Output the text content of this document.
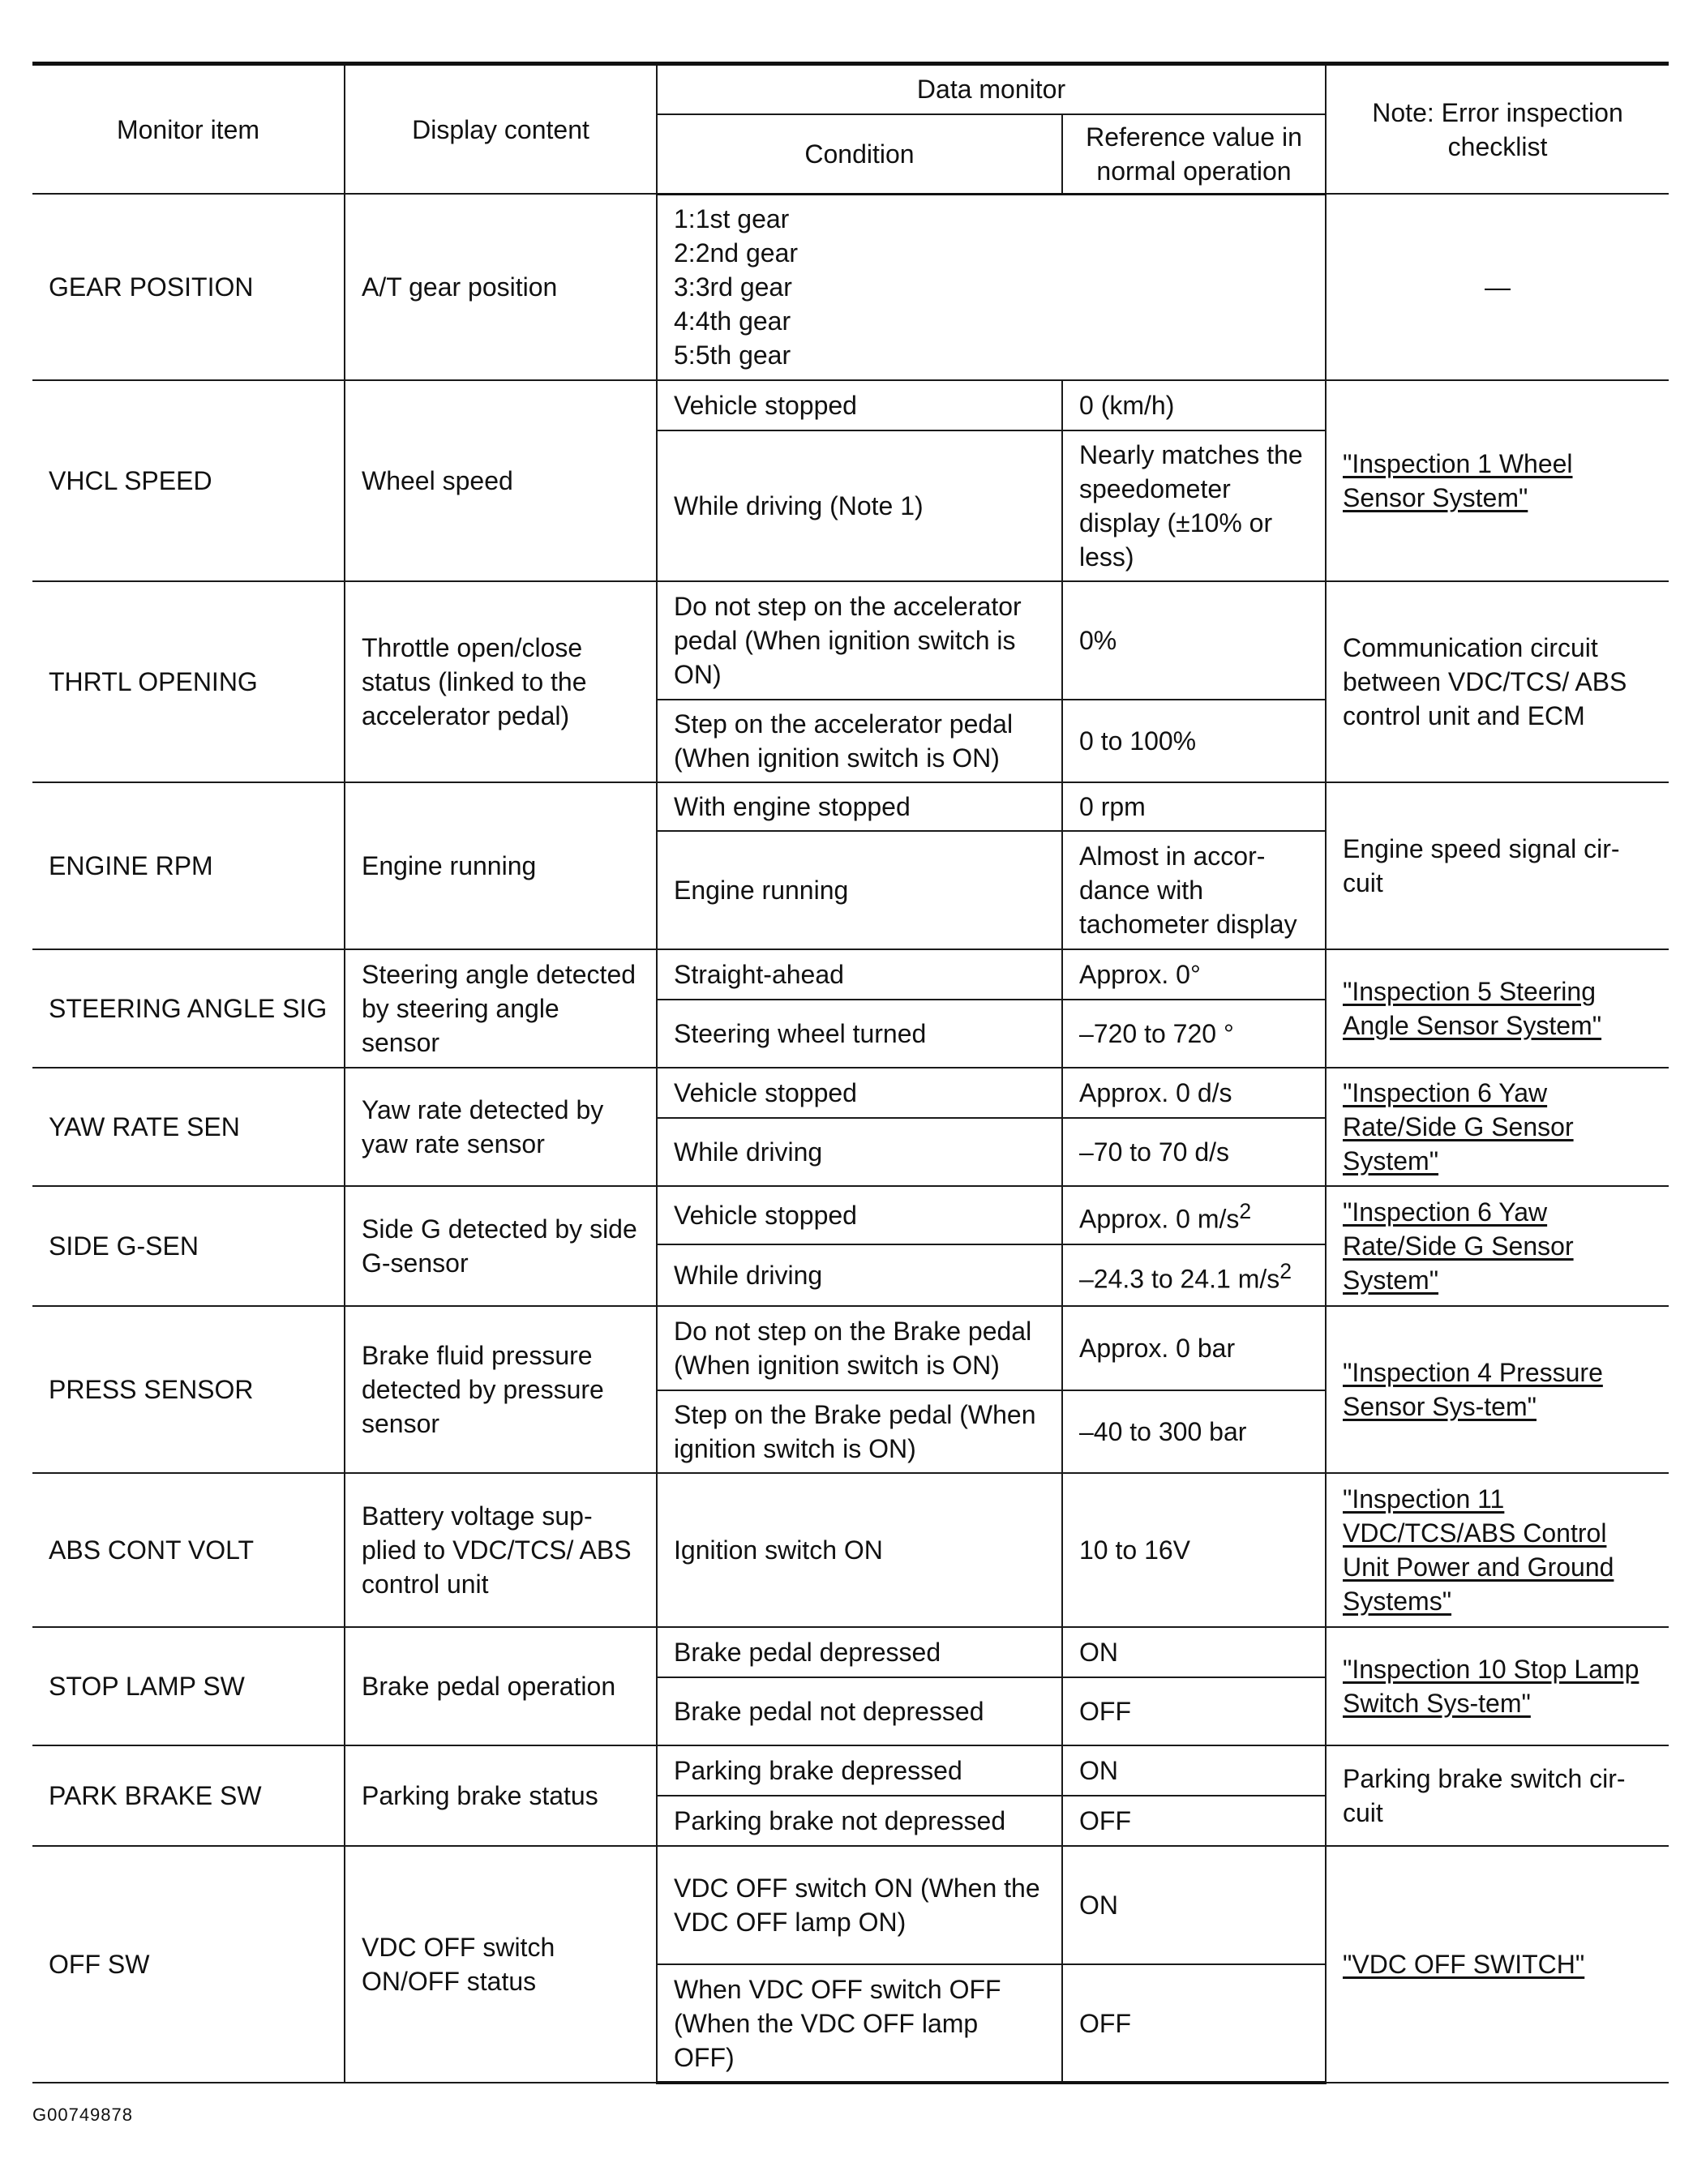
Monitor item	Display content	Data monitor		Note: Error inspection checklist
		Condition	Reference value in normal operation	
GEAR POSITION	A/T gear position	1:1st gear
2:2nd gear
3:3rd gear
4:4th gear
5:5th gear		—
VHCL SPEED	Wheel speed	Vehicle stopped	0 (km/h)	"Inspection 1 Wheel Sensor System"
		While driving (Note 1)	Nearly matches the speedometer display (±10% or less)	
THRTL OPENING	Throttle open/close status (linked to the accelerator pedal)	Do not step on the accelerator pedal (When ignition switch is ON)	0%	Communication circuit between VDC/TCS/ ABS control unit and ECM
		Step on the accelerator pedal (When ignition switch is ON)	0 to 100%	
ENGINE RPM	Engine running	With engine stopped	0 rpm	Engine speed signal cir-cuit
		Engine running	Almost in accor-dance with tachometer display	
STEERING ANGLE SIG	Steering angle detected by steering angle sensor	Straight-ahead	Approx. 0°	"Inspection 5 Steering Angle Sensor System"
		Steering wheel turned	–720 to 720 °	
YAW RATE SEN	Yaw rate detected by yaw rate sensor	Vehicle stopped	Approx. 0 d/s	"Inspection 6 Yaw Rate/Side G Sensor System"
		While driving	–70 to 70 d/s	
SIDE G-SEN	Side G detected by side G-sensor	Vehicle stopped	Approx. 0 $m/s^2$	"Inspection 6 Yaw Rate/Side G Sensor System"
		While driving	–24.3 to 24.1 $m/s^2$
PRESS SENSOR	Brake fluid pressure detected by pressure sensor	Do not step on the Brake pedal (When ignition switch is ON)	Approx. 0 bar	"Inspection 4 Pressure Sensor Sys-tem"
		Step on the Brake pedal (When ignition switch is ON)	–40 to 300 bar	
ABS CONT VOLT	Battery voltage sup-plied to VDC/TCS/ ABS control unit	Ignition switch ON	10 to 16V	"Inspection 11 VDC/TCS/ABS Control Unit Power and Ground Systems"
STOP LAMP SW	Brake pedal operation	Brake pedal depressed	ON	"Inspection 10 Stop Lamp Switch Sys-tem"
		Brake pedal not depressed	OFF	
PARK BRAKE SW	Parking brake status	Parking brake depressed	ON	Parking brake switch cir-cuit
		Parking brake not depressed	OFF	
OFF SW	VDC OFF switch ON/OFF status	VDC OFF switch ON (When the VDC OFF lamp ON)	ON	"VDC OFF SWITCH"
		When VDC OFF switch OFF (When the VDC OFF lamp OFF)	OFF	
G00749878
